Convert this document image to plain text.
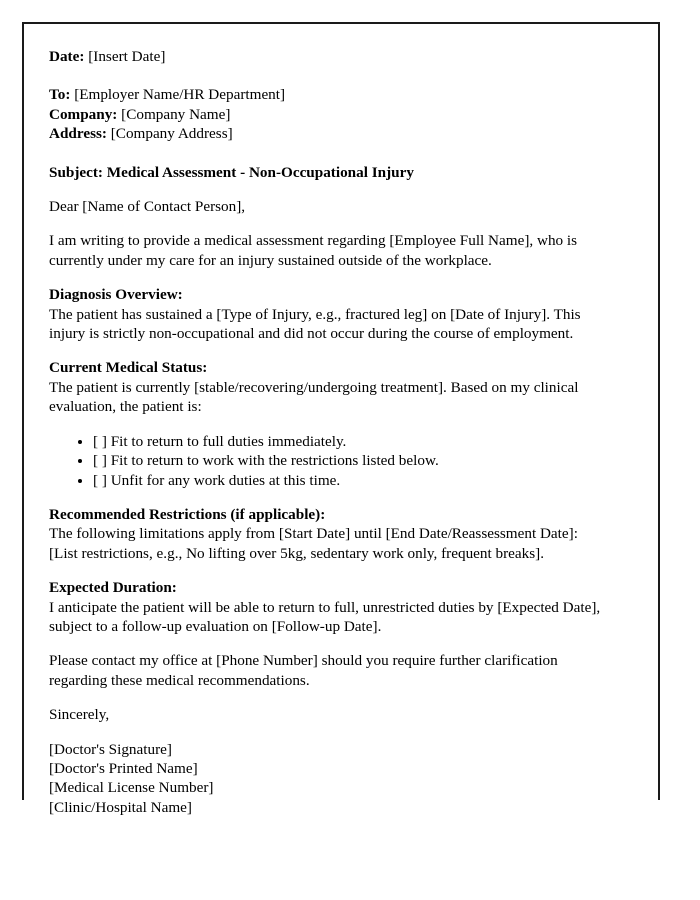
Date: [Insert Date]

To: [Employer Name/HR Department]

Company: [Company Name]

Address: [Company Address]

Subject: Medical Assessment - Non-Occupational Injury

Dear [Name of Contact Person],

I am writing to provide a medical assessment regarding [Employee Full Name], who is currently under my care for an injury sustained outside of the workplace.

Diagnosis Overview:

The patient has sustained a [Type of Injury, e.g., fractured leg] on [Date of Injury]. This injury is strictly non-occupational and did not occur during the course of employment.

Current Medical Status:

The patient is currently [stable/recovering/undergoing treatment]. Based on my clinical evaluation, the patient is:

• [ ] Fit to return to full duties immediately.
• [ ] Fit to return to work with the restrictions listed below.
• [ ] Unfit for any work duties at this time.

Recommended Restrictions (if applicable):

The following limitations apply from [Start Date] until [End Date/Reassessment Date]:

[List restrictions, e.g., No lifting over 5kg, sedentary work only, frequent breaks].

Expected Duration:

I anticipate the patient will be able to return to full, unrestricted duties by [Expected Date], subject to a follow-up evaluation on [Follow-up Date].

Please contact my office at [Phone Number] should you require further clarification regarding these medical recommendations.

Sincerely,

[Doctor's Signature]

[Doctor's Printed Name]

[Medical License Number]

[Clinic/Hospital Name]
